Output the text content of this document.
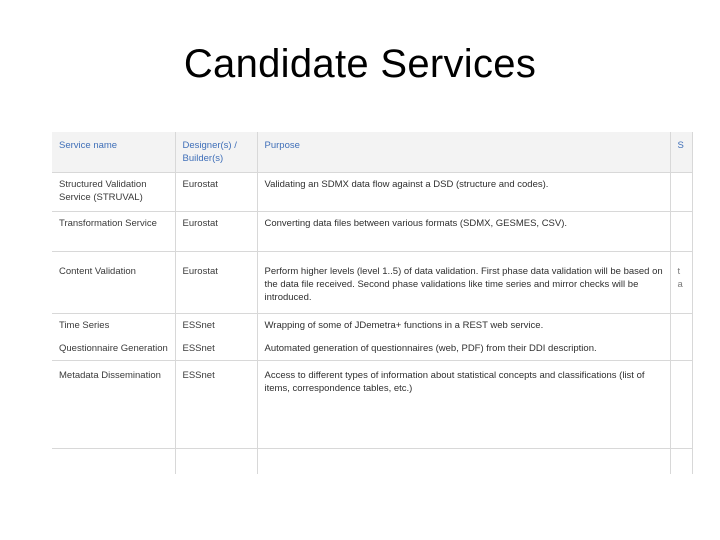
Candidate Services
Service name	Designer(s) / Builder(s)	Purpose	S
Structured Validation Service (STRUVAL)	Eurostat	Validating an SDMX data flow against a DSD (structure and codes).	
Transformation Service	Eurostat	Converting data files between various formats (SDMX, GESMES, CSV).	
Content Validation	Eurostat	Perform higher levels (level 1..5) of data validation. First phase data validation will be based on the data file received. Second phase validations like time series and mirror checks will be introduced.	t a
Time Series	ESSnet	Wrapping of some of JDemetra+ functions in a REST web service.	
Questionnaire Generation	ESSnet	Automated generation of questionnaires (web, PDF) from their DDI description.	
Metadata Dissemination	ESSnet	Access to different types of information about statistical concepts and classifications (list of items, correspondence tables, etc.)	
